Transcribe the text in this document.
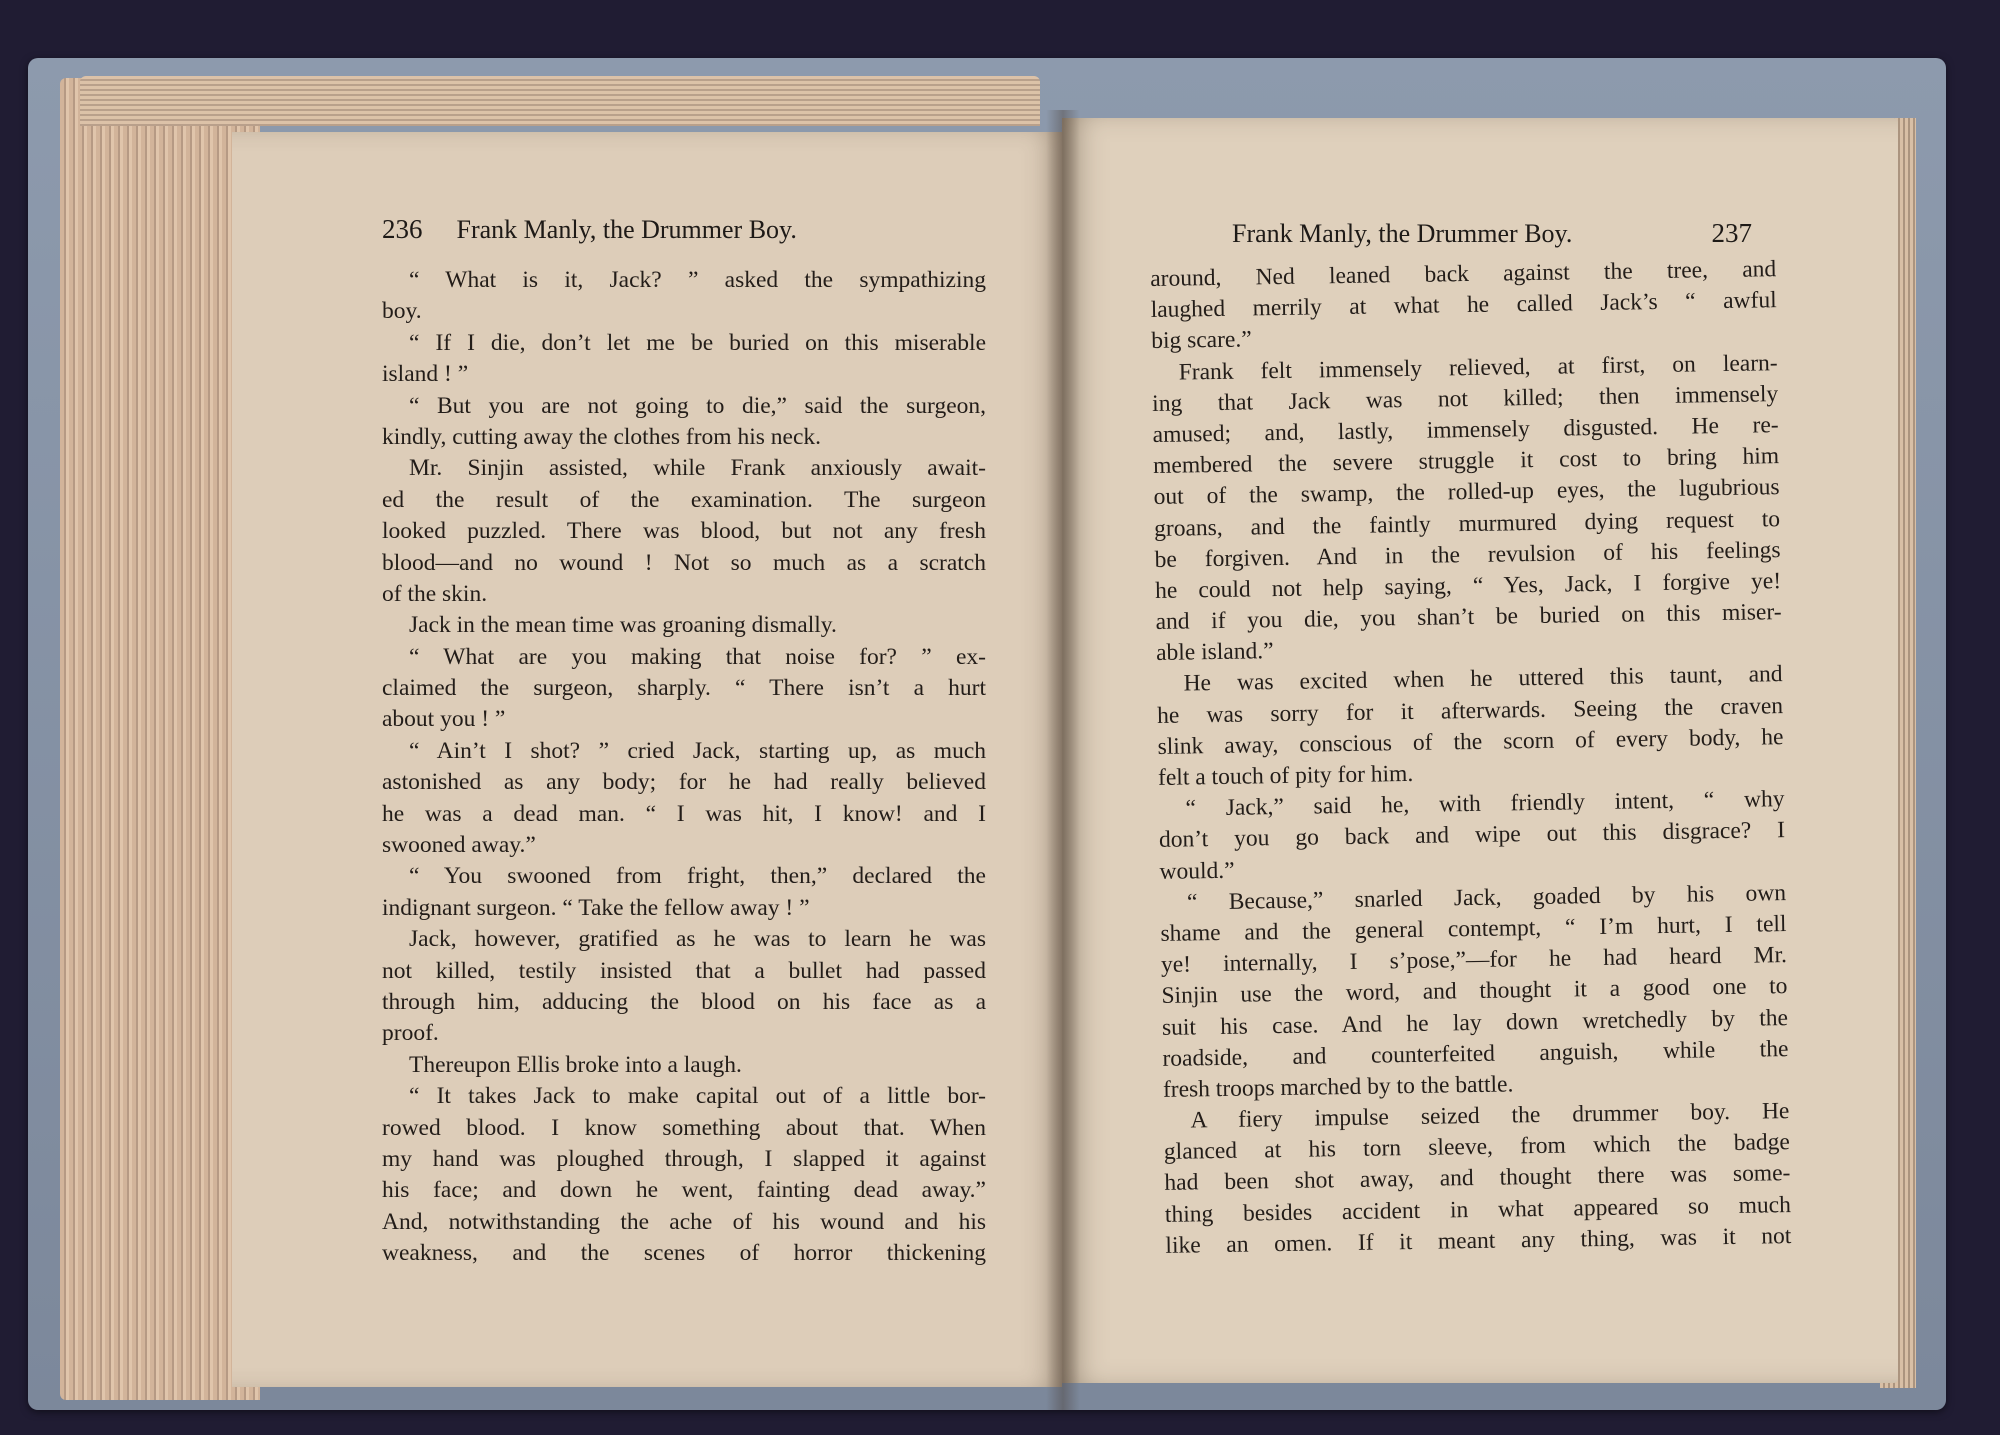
236 Frank Manly, the Drummer Boy.	Frank Manly, the Drummer Boy.	237
“ What is it, Jack? ” asked the sympathizing
boy.
“ If I die, don’t let me be buried on this miserable
island ! ”
“ But you are not going to die,” said the surgeon,
kindly, cutting away the clothes from his neck.
Mr. Sinjin assisted, while Frank anxiously await-
ed the result of the examination. The surgeon
looked puzzled. There was blood, but not any fresh
blood—and no wound ! Not so much as a scratch
of the skin.
Jack in the mean time was groaning dismally.
“ What are you making that noise for? ” ex-
claimed the surgeon, sharply. “ There isn’t a hurt
about you ! ”
“ Ain’t I shot? ” cried Jack, starting up, as much
astonished as any body; for he had really believed
he was a dead man. “ I was hit, I know! and I
swooned away.”
“ You swooned from fright, then,” declared the
indignant surgeon. “ Take the fellow away ! ”
Jack, however, gratified as he was to learn he was
not killed, testily insisted that a bullet had passed
through him, adducing the blood on his face as a
proof.
Thereupon Ellis broke into a laugh.
“ It takes Jack to make capital out of a little bor-
rowed blood. I know something about that. When
my hand was ploughed through, I slapped it against
his face; and down he went, fainting dead away.”
And, notwithstanding the ache of his wound and his
weakness, and the scenes of horror thickening
around, Ned leaned back against the tree, and
laughed merrily at what he called Jack’s “ awful
big scare.”
Frank felt immensely relieved, at first, on learn-
ing that Jack was not killed; then immensely
amused; and, lastly, immensely disgusted. He re-
membered the severe struggle it cost to bring him
out of the swamp, the rolled-up eyes, the lugubrious
groans, and the faintly murmured dying request to
be forgiven. And in the revulsion of his feelings
he could not help saying, “ Yes, Jack, I forgive ye!
and if you die, you shan’t be buried on this miser-
able island.”
He was excited when he uttered this taunt, and
he was sorry for it afterwards. Seeing the craven
slink away, conscious of the scorn of every body, he
felt a touch of pity for him.
“ Jack,” said he, with friendly intent, “ why
don’t you go back and wipe out this disgrace? I
would.”
“ Because,” snarled Jack, goaded by his own
shame and the general contempt, “ I’m hurt, I tell
ye! internally, I s’pose,”—for he had heard Mr.
Sinjin use the word, and thought it a good one to
suit his case. And he lay down wretchedly by the
roadside, and counterfeited anguish, while the
fresh troops marched by to the battle.
A fiery impulse seized the drummer boy. He
glanced at his torn sleeve, from which the badge
had been shot away, and thought there was some-
thing besides accident in what appeared so much
like an omen. If it meant any thing, was it not
